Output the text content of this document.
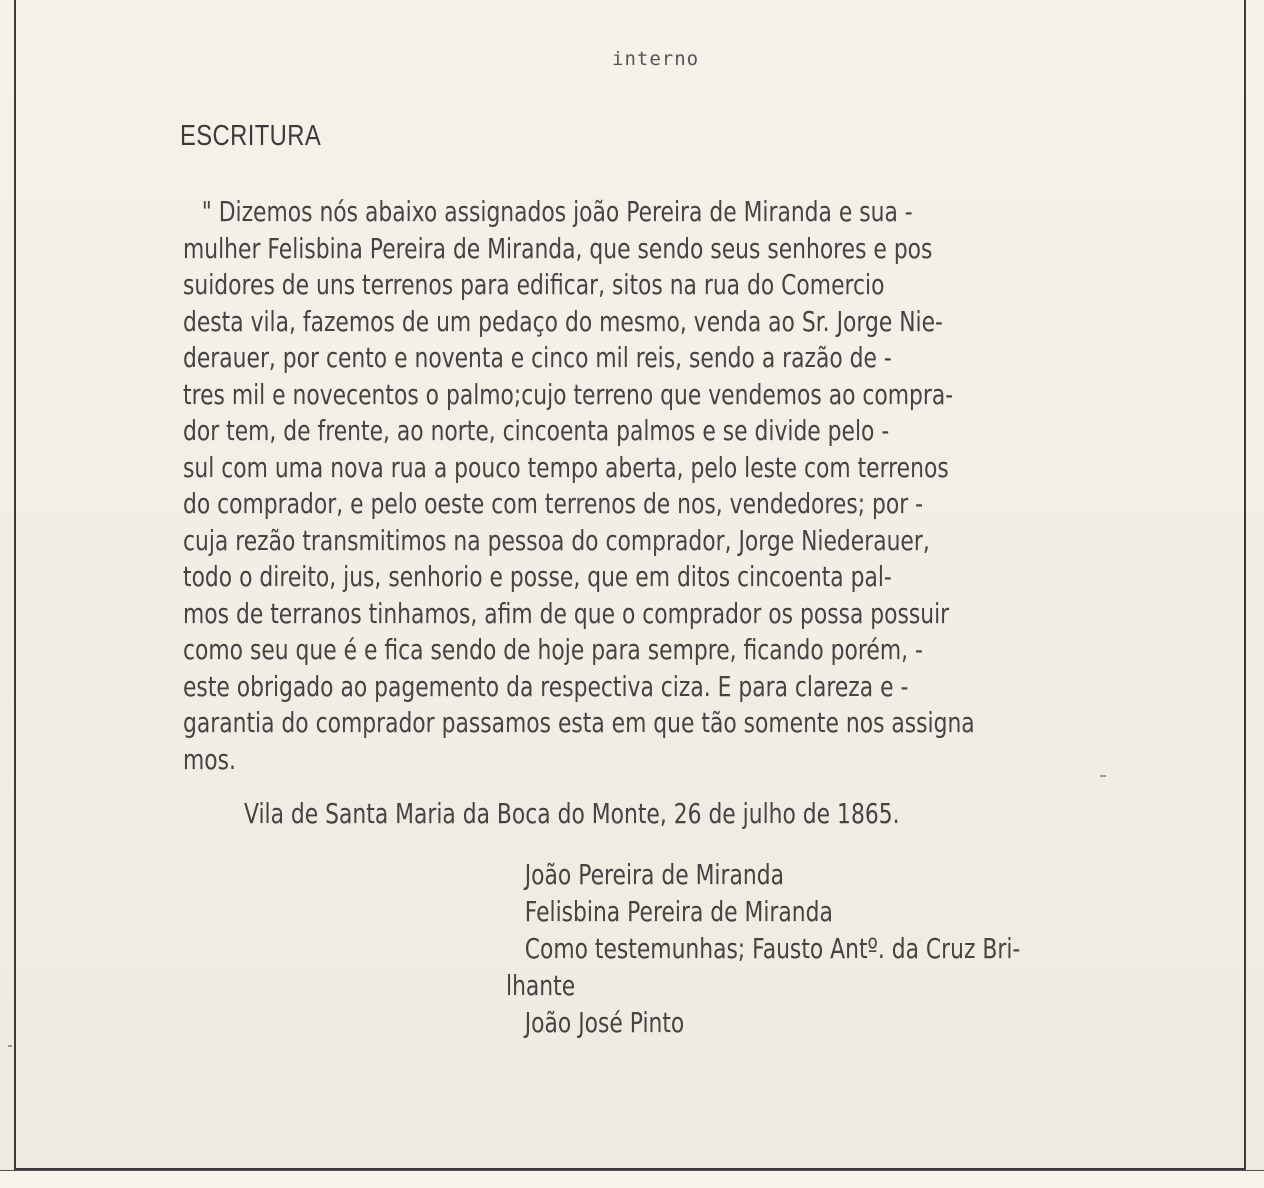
interno
ESCRITURA
" Dizemos nós abaixo assignados joão Pereira de Miranda e sua -
mulher Felisbina Pereira de Miranda, que sendo seus senhores e pos
suidores de uns terrenos para edificar, sitos na rua do Comercio
desta vila, fazemos de um pedaço do mesmo, venda ao Sr. Jorge Nie-
derauer, por cento e noventa e cinco mil reis, sendo a razão de -
tres mil e novecentos o palmo;cujo terreno que vendemos ao compra-
dor tem, de frente, ao norte, cincoenta palmos e se divide pelo -
sul com uma nova rua a pouco tempo aberta, pelo leste com terrenos
do comprador, e pelo oeste com terrenos de nos, vendedores; por -
cuja rezão transmitimos na pessoa do comprador, Jorge Niederauer,
todo o direito, jus, senhorio e posse, que em ditos cincoenta pal-
mos de terranos tinhamos, afim de que o comprador os possa possuir
como seu que é e fica sendo de hoje para sempre, ficando porém, -
este obrigado ao pagemento da respectiva ciza. E para clareza e -
garantia do comprador passamos esta em que tão somente nos assigna
mos.
Vila de Santa Maria da Boca do Monte, 26 de julho de 1865.
João Pereira de Miranda
Felisbina Pereira de Miranda
Como testemunhas; Fausto Antº. da Cruz Bri-
lhante
João José Pinto
